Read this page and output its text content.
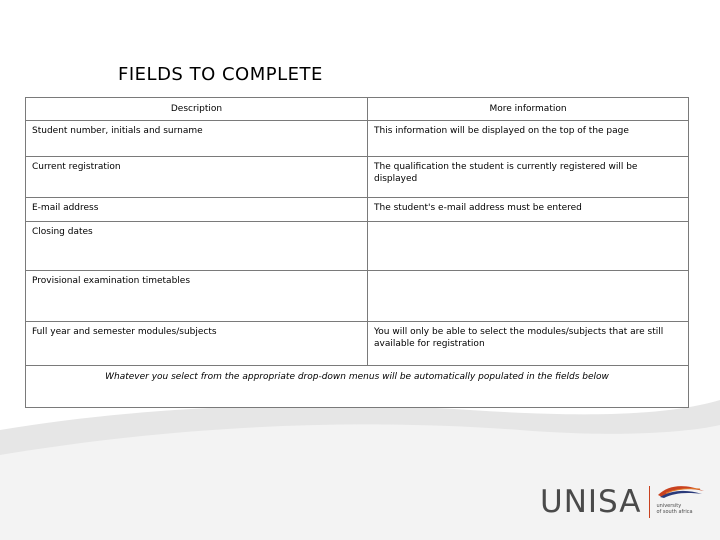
FIELDS TO COMPLETE
Description	More information
Student number, initials and surname	This information will be displayed on the top of the page
Current registration	The qualification the student is currently registered will be displayed
E-mail address	The student's e-mail address must be entered
Closing dates	
Provisional examination timetables	
Full year and semester modules/subjects	You will only be able to select the modules/subjects that are still available for registration
Whatever you select from the appropriate drop-down menus will be automatically populated in the fields below	
UNISA	university
of south africa
